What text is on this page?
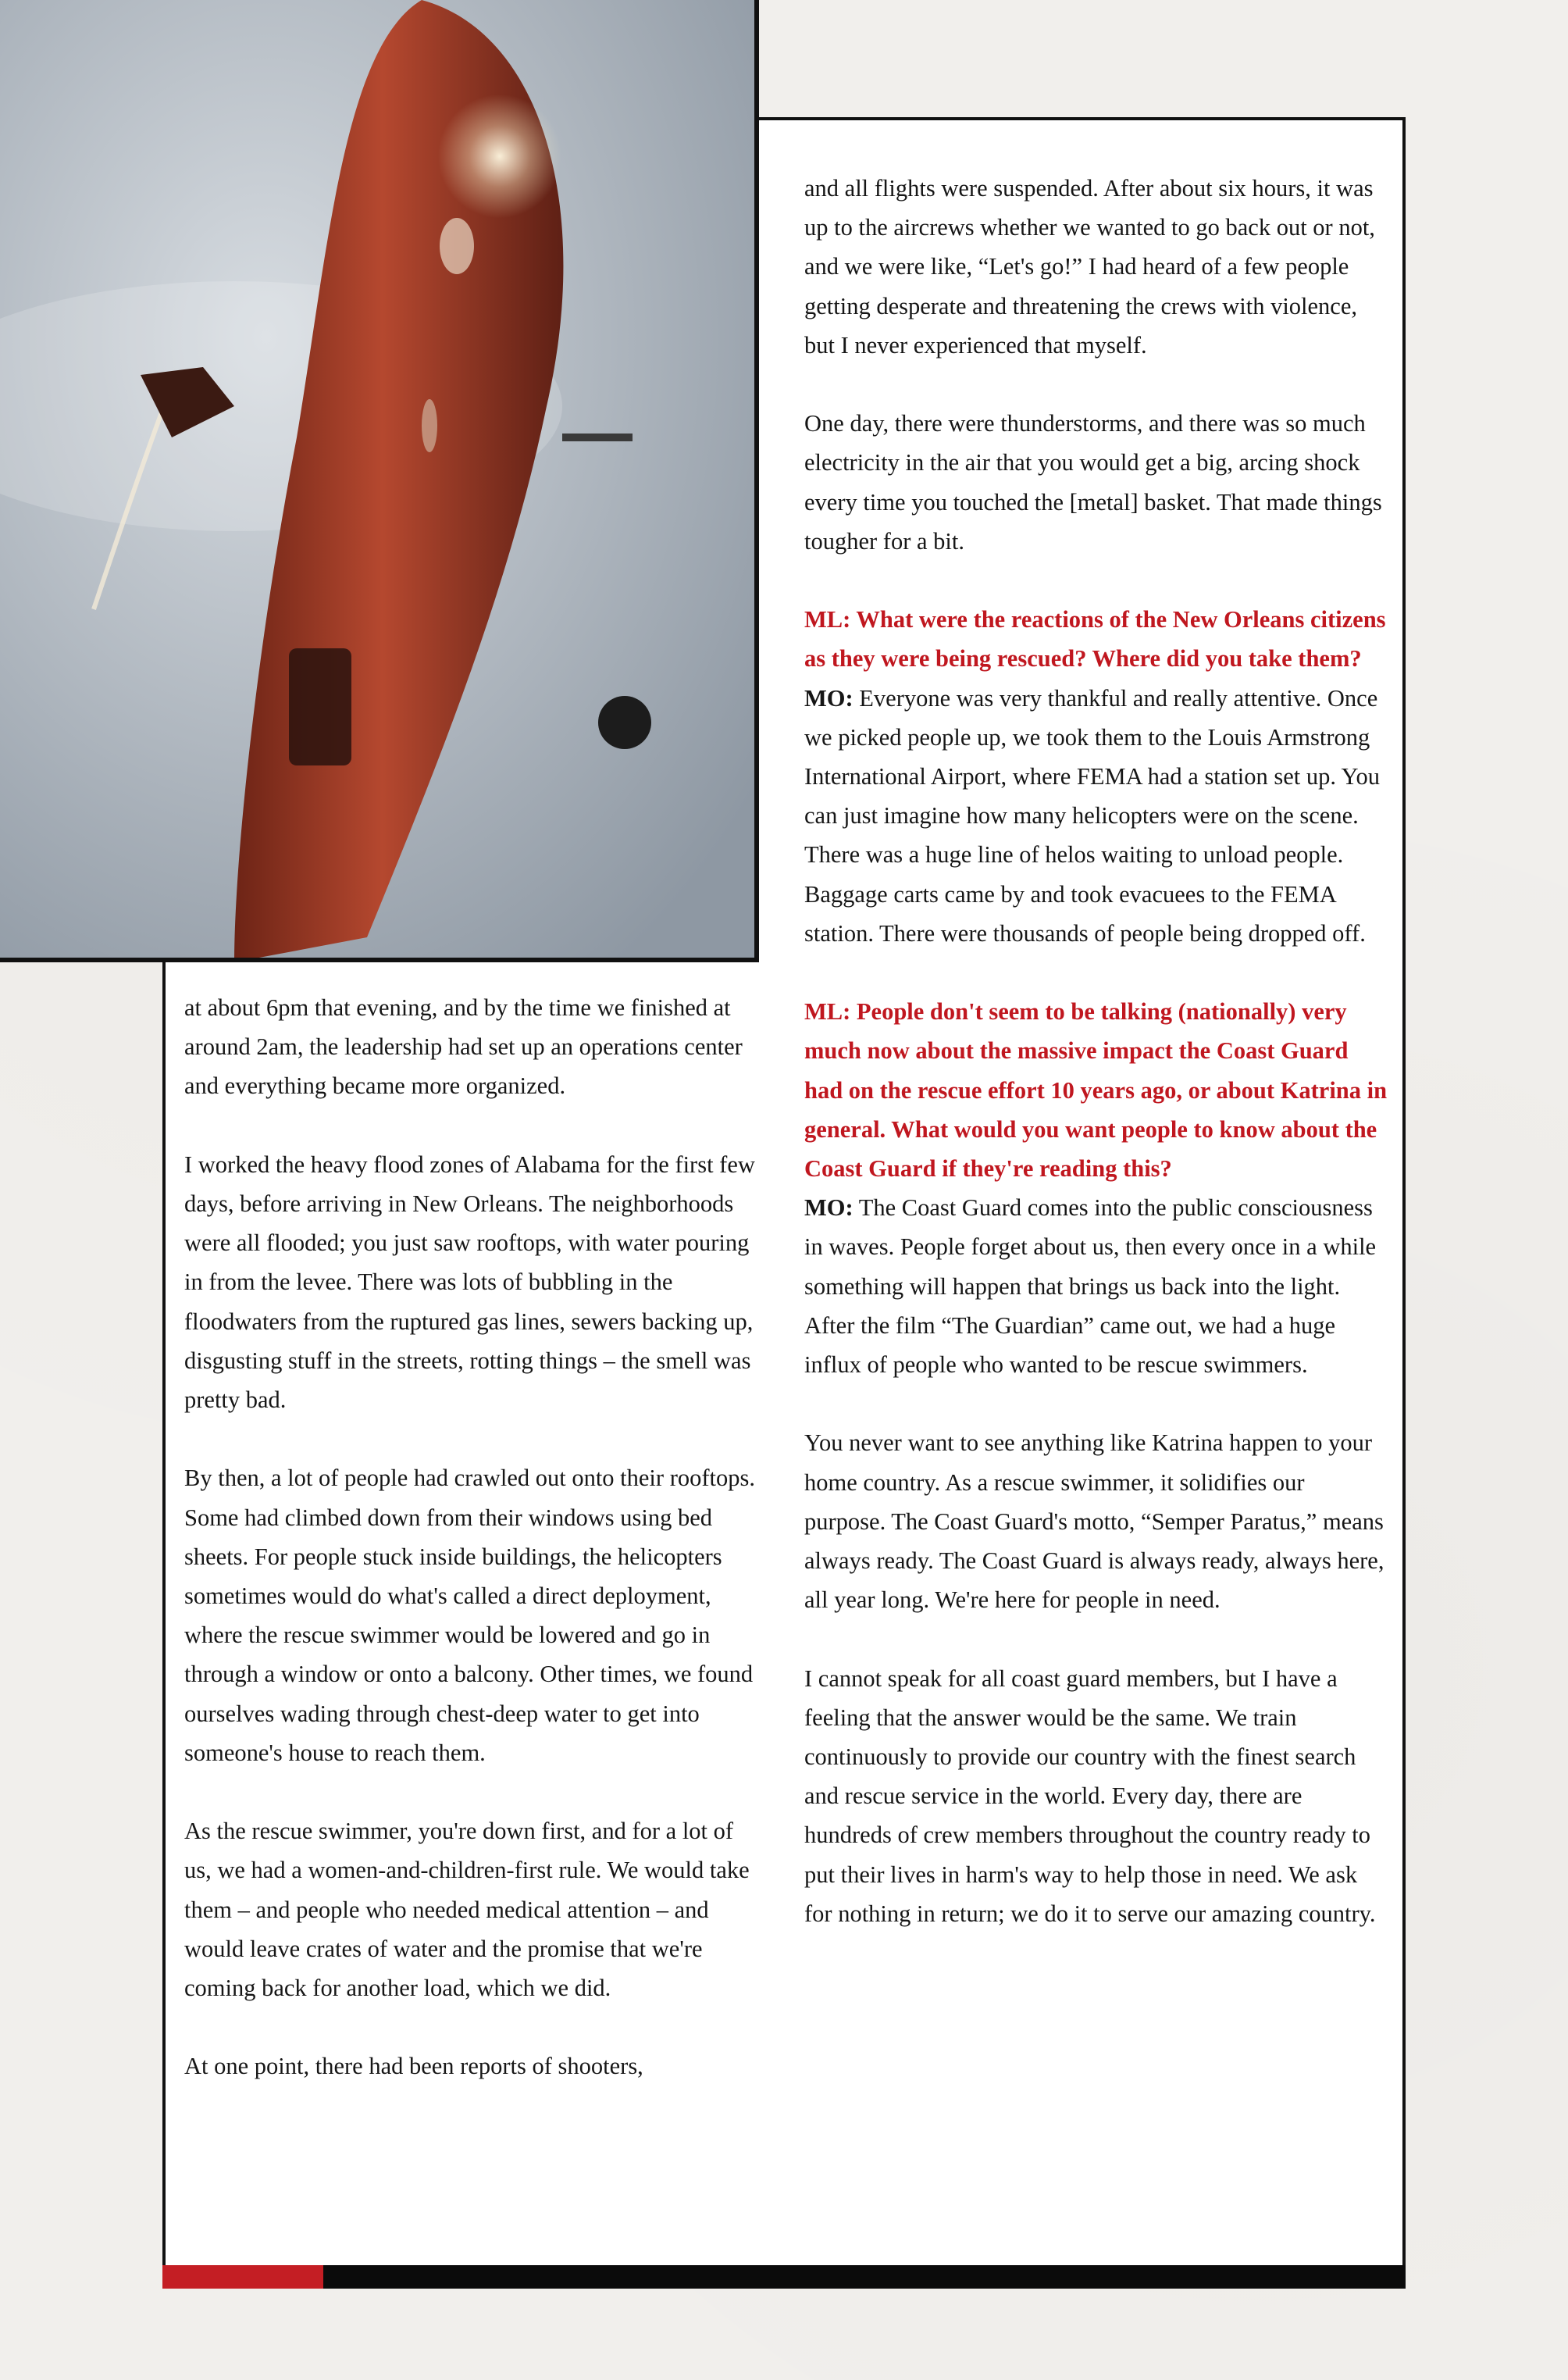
at about 6pm that evening, and by the time we finished at around 2am, the leadership had set up an operations center and everything became more organized.

I worked the heavy flood zones of Alabama for the first few days, before arriving in New Orleans. The neighborhoods were all flooded; you just saw rooftops, with water pouring in from the levee. There was lots of bubbling in the floodwaters from the ruptured gas lines, sewers backing up, disgusting stuff in the streets, rotting things – the smell was pretty bad.

By then, a lot of people had crawled out onto their rooftops. Some had climbed down from their windows using bed sheets. For people stuck inside buildings, the helicopters sometimes would do what's called a direct deployment, where the rescue swimmer would be lowered and go in through a window or onto a balcony. Other times, we found ourselves wading through chest-deep water to get into someone's house to reach them.

As the rescue swimmer, you're down first, and for a lot of us, we had a women-and-children-first rule. We would take them – and people who needed medical attention – and would leave crates of water and the promise that we're coming back for another load, which we did.

At one point, there had been reports of shooters,

and all flights were suspended. After about six hours, it was up to the aircrews whether we wanted to go back out or not, and we were like, “Let's go!” I had heard of a few people getting desperate and threatening the crews with violence, but I never experienced that myself.

One day, there were thunderstorms, and there was so much electricity in the air that you would get a big, arcing shock every time you touched the [metal] basket. That made things tougher for a bit.

ML: What were the reactions of the New Orleans citizens as they were being rescued? Where did you take them?

MO: Everyone was very thankful and really attentive. Once we picked people up, we took them to the Louis Armstrong International Airport, where FEMA had a station set up. You can just imagine how many helicopters were on the scene. There was a huge line of helos waiting to unload people. Baggage carts came by and took evacuees to the FEMA station. There were thousands of people being dropped off.

ML: People don't seem to be talking (nationally) very much now about the massive impact the Coast Guard had on the rescue effort 10 years ago, or about Katrina in general. What would you want people to know about the Coast Guard if they're reading this?

MO: The Coast Guard comes into the public consciousness in waves. People forget about us, then every once in a while something will happen that brings us back into the light. After the film “The Guardian” came out, we had a huge influx of people who wanted to be rescue swimmers.

You never want to see anything like Katrina happen to your home country. As a rescue swimmer, it solidifies our purpose. The Coast Guard's motto, “Semper Paratus,” means always ready. The Coast Guard is always ready, always here, all year long. We're here for people in need.

I cannot speak for all coast guard members, but I have a feeling that the answer would be the same. We train continuously to provide our country with the finest search and rescue service in the world. Every day, there are hundreds of crew members throughout the country ready to put their lives in harm's way to help those in need. We ask for nothing in return; we do it to serve our amazing country.
